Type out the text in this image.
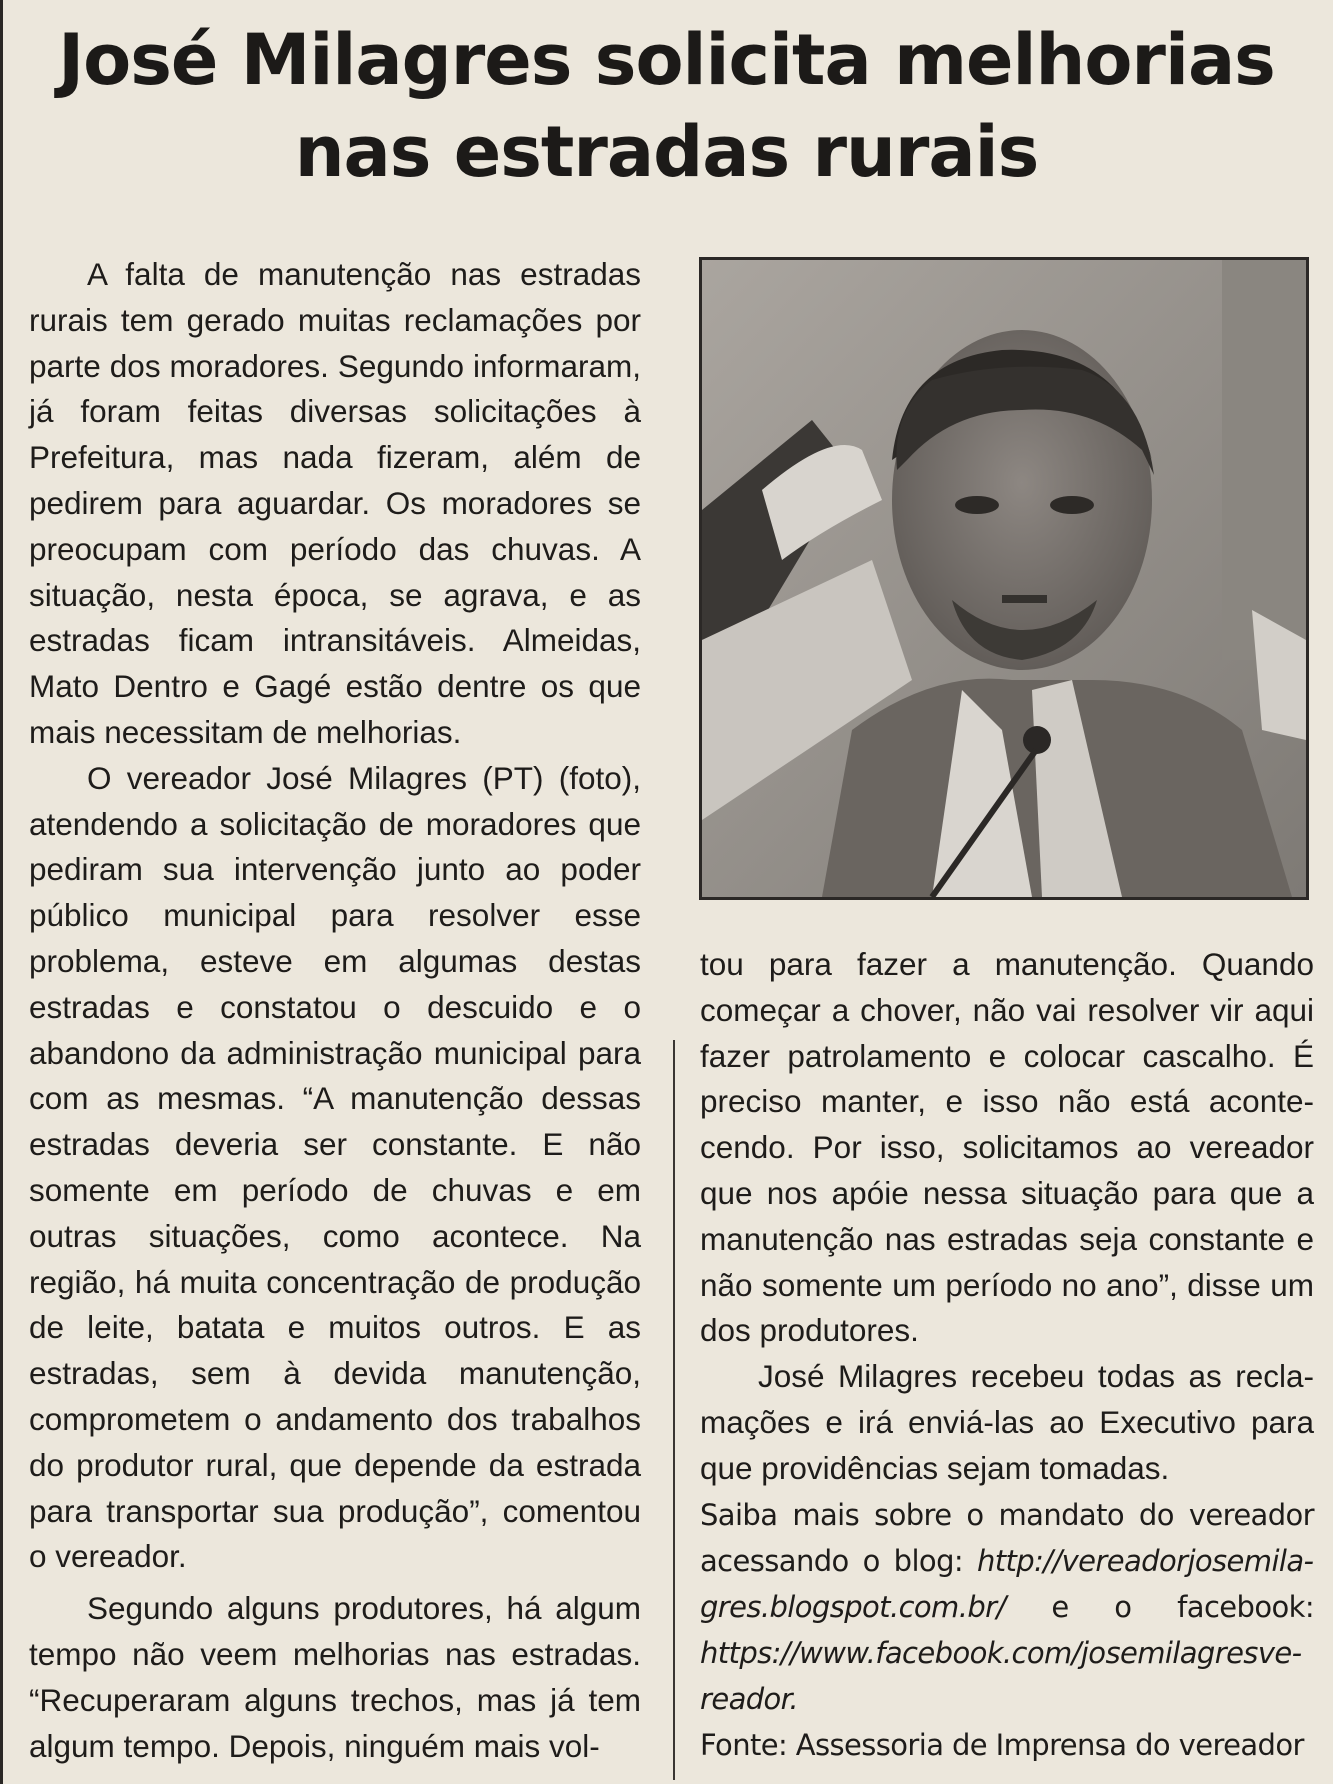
José Milagres solicita melhorias
nas estradas rurais

A falta de manutenção nas estradas rurais tem gerado muitas reclamações por parte dos moradores. Segundo informaram, já foram feitas diversas solicitações à Prefeitura, mas nada fizeram, além de pedirem para aguardar. Os moradores se preocupam com período das chuvas. A situação, nesta época, se agrava, e as estradas ficam intransitáveis. Almeidas, Mato Dentro e Gagé estão dentre os que mais necessitam de melhorias.

O vereador José Milagres (PT) (foto), atendendo a solicitação de moradores que pediram sua intervenção junto ao poder público municipal para resolver esse problema, esteve em algumas destas estradas e constatou o descuido e o abandono da administração municipal para com as mesmas. “A manutenção dessas estradas deveria ser constante. E não somente em período de chuvas e em outras situações, como acontece. Na região, há muita concentração de produção de leite, batata e muitos outros. E as estradas, sem à devida manutenção, comprometem o andamento dos trabalhos do produtor rural, que depende da estrada para transportar sua produção”, comentou o vereador.

Segundo alguns produtores, há algum tempo não veem melhorias nas estradas. “Recuperaram alguns trechos, mas já tem algum tempo. Depois, ninguém mais vol-

tou para fazer a manutenção. Quando começar a chover, não vai resolver vir aqui fazer patrolamento e colocar cascalho. É preciso manter, e isso não está acontecendo. Por isso, solicitamos ao vereador que nos apóie nessa situação para que a manutenção nas estradas seja constante e não somente um período no ano”, disse um dos produtores.

José Milagres recebeu todas as reclamações e irá enviá-las ao Executivo para que providências sejam tomadas.

Saiba mais sobre o mandato do vereador acessando o blog: http://vereadorjosemilagres.blogspot.com.br/ e o facebook: https://www.facebook.com/josemilagresvereador.

Fonte: Assessoria de Imprensa do vereador
